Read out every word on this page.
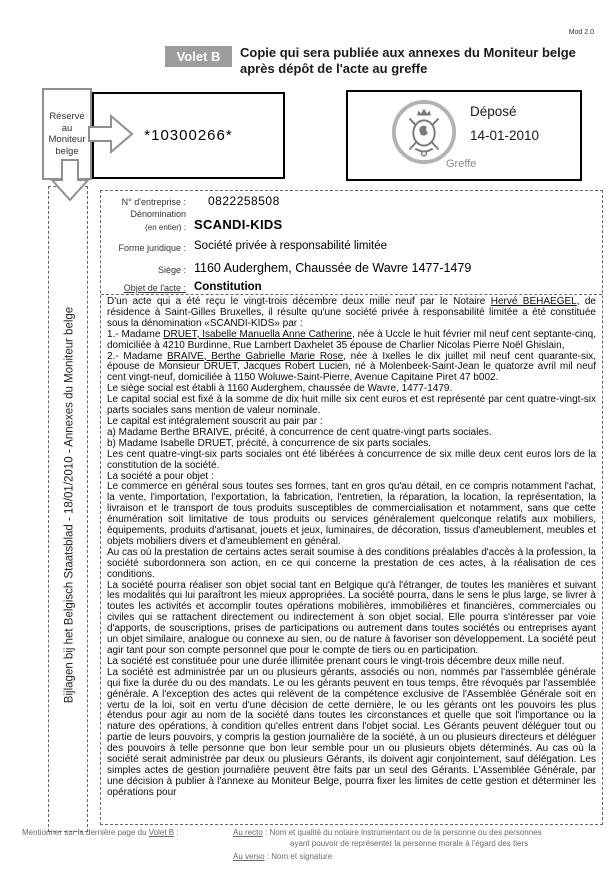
Mod 2.0
Volet B Copie qui sera publiée aux annexes du Moniteur belge
après dépôt de l'acte au greffe
Réservé
au
Moniteur
belge
*10300266*
Déposé
14-01-2010
Greffe
Bijlagen bij het Belgisch Staatsblad - 18/01/2010 - Annexes du Moniteur belge
N° d'entreprise : 0822258508
Dénomination
(en entier) : SCANDI-KIDS
Forme juridique : Société privée à responsabilité limitée
Siège : 1160 Auderghem, Chaussée de Wavre 1477-1479
Objet de l'acte : Constitution

D'un acte qui a été reçu le vingt-trois décembre deux mille neuf par le Notaire Hervé BEHAEGEL, de résidence à Saint-Gilles Bruxelles, il résulte qu'une société privée à responsabilité limitée a été constituée sous la dénomination «SCANDI-KIDS» par :

1.- Madame DRUET, Isabelle Manuella Anne Catherine, née à Uccle le huit février mil neuf cent septante-cinq, domiciliée à 4210 Burdinne, Rue Lambert Daxhelet 35 épouse de Charlier Nicolas Pierre Noël Ghislain,

2.- Madame BRAIVE, Berthe Gabrielle Marie Rose, née à Ixelles le dix juillet mil neuf cent quarante-six, épouse de Monsieur DRUET, Jacques Robert Lucien, né à Molenbeek-Saint-Jean le quatorze avril mil neuf cent vingt-neuf, domiciliée à 1150 Woluwe-Saint-Pierre, Avenue Capitaine Piret 47 b002.

Le siège social est établi à 1160 Auderghem, chaussée de Wavre, 1477-1479.

Le capital social est fixé à la somme de dix huit mille six cent euros et est représenté par cent quatre-vingt-six parts sociales sans mention de valeur nominale.

Le capital est intégralement souscrit au pair par :

a) Madame Berthe BRAIVE, précité, à concurrence de cent quatre-vingt parts sociales.

b) Madame Isabelle DRUET, précité, à concurrence de six parts sociales.

Les cent quatre-vingt-six parts sociales ont été libérées à concurrence de six mille deux cent euros lors de la constitution de la société.

La société a pour objet :

Le commerce en général sous toutes ses formes, tant en gros qu'au détail, en ce compris notamment l'achat, la vente, l'importation, l'exportation, la fabrication, l'entretien, la réparation, la location, la représentation, la livraison et le transport de tous produits susceptibles de commercialisation et notamment, sans que cette énumération soit limitative de tous produits ou services généralement quelconque relatifs aux mobiliers, équipements, produits d'artisanat, jouets et jeux, luminaires, de décoration, tissus d'ameublement, meubles et objets mobiliers divers et d'ameublement en général.

Au cas où la prestation de certains actes serait soumise à des conditions préalables d'accès à la profession, la société subordonnera son action, en ce qui concerne la prestation de ces actes, à la réalisation de ces conditions.

La société pourra réaliser son objet social tant en Belgique qu'à l'étranger, de toutes les manières et suivant les modalités qui lui paraîtront les mieux appropriées. La société pourra, dans le sens le plus large, se livrer à toutes les activités et accomplir toutes opérations mobilières, immobilières et financières, commerciales ou civiles qui se rattachent directement ou indirectement à son objet social. Elle pourra s'intéresser par voie d'apports, de souscriptions, prises de participations ou autrement dans toutes sociétés ou entreprises ayant un objet similaire, analogue ou connexe au sien, ou de nature à favoriser son développement. La société peut agir tant pour son compte personnel que pour le compte de tiers ou en participation.

La société est constituée pour une durée illimitée prenant cours le vingt-trois décembre deux mille neuf.

La société est administrée par un ou plusieurs gérants, associés ou non, nommés par l'assemblée générale qui fixe la durée du ou des mandats. Le ou les gérants peuvent en tous temps, être révoqués par l'assemblée générale. A l'exception des actes qui relèvent de la compétence exclusive de l'Assemblée Générale soit en vertu de la loi, soit en vertu d'une décision de cette dernière, le ou les gérants ont les pouvoirs les plus étendus pour agir au nom de la société dans toutes les circonstances et quelle que soit l'importance ou la nature des opérations, à condition qu'elles entrent dans l'objet social. Les Gérants peuvent déléguer tout ou partie de leurs pouvoirs, y compris la gestion journalière de la société, à un ou plusieurs directeurs et déléguer des pouvoirs à telle personne que bon leur semble pour un ou plusieurs objets déterminés. Au cas où la société serait administrée par deux ou plusieurs Gérants, ils doivent agir conjointement, sauf délégation. Les simples actes de gestion journalière peuvent être faits par un seul des Gérants. L'Assemblée Générale, par une décision à publier à l'annexe au Moniteur Belge, pourra fixer les limites de cette gestion et déterminer les opérations pour

Mentionner sur la dernière page du Volet B :	Au recto : Nom et qualité du notaire instrumentant ou de la personne ou des personnes
ayant pouvoir de représenter la personne morale à l'égard des tiers
Au verso : Nom et signature
